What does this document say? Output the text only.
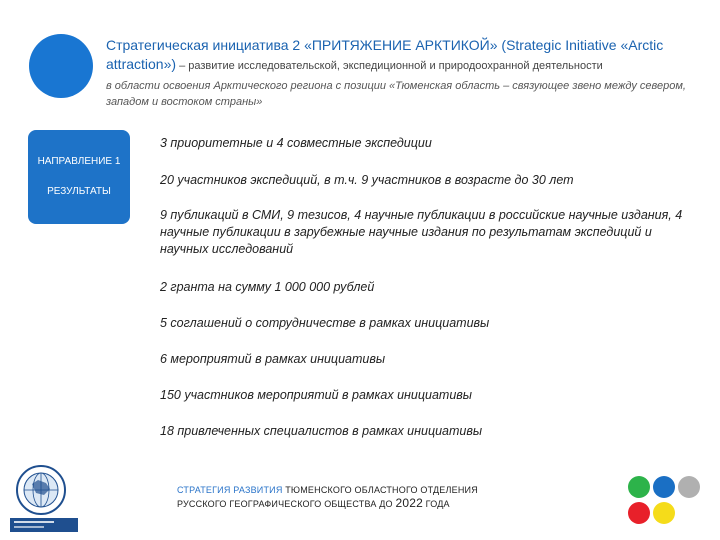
Стратегическая инициатива 2 «ПРИТЯЖЕНИЕ АРКТИКОЙ» (Strategic Initiative «Arctic attraction») – развитие исследовательской, экспедиционной и природоохранной деятельности
в области освоения Арктического региона с позиции «Тюменская область – связующее звено между севером, западом и востоком страны»
НАПРАВЛЕНИЕ 1
РЕЗУЛЬТАТЫ
3 приоритетные и 4 совместные экспедиции
20 участников экспедиций, в т.ч. 9 участников в возрасте до 30 лет
9 публикаций в СМИ, 9 тезисов, 4 научные публикации в российские научные издания, 4 научные публикации в зарубежные научные издания по результатам экспедиций и научных исследований
2 гранта на сумму 1 000 000 рублей
5 соглашений о сотрудничестве в рамках инициативы
6 мероприятий в рамках инициативы
150 участников мероприятий в рамках инициативы
18 привлеченных специалистов в рамках инициативы
СТРАТЕГИЯ РАЗВИТИЯ ТЮМЕНСКОГО ОБЛАСТНОГО ОТДЕЛЕНИЯ
РУССКОГО ГЕОГРАФИЧЕСКОГО ОБЩЕСТВА ДО 2022 ГОДА
